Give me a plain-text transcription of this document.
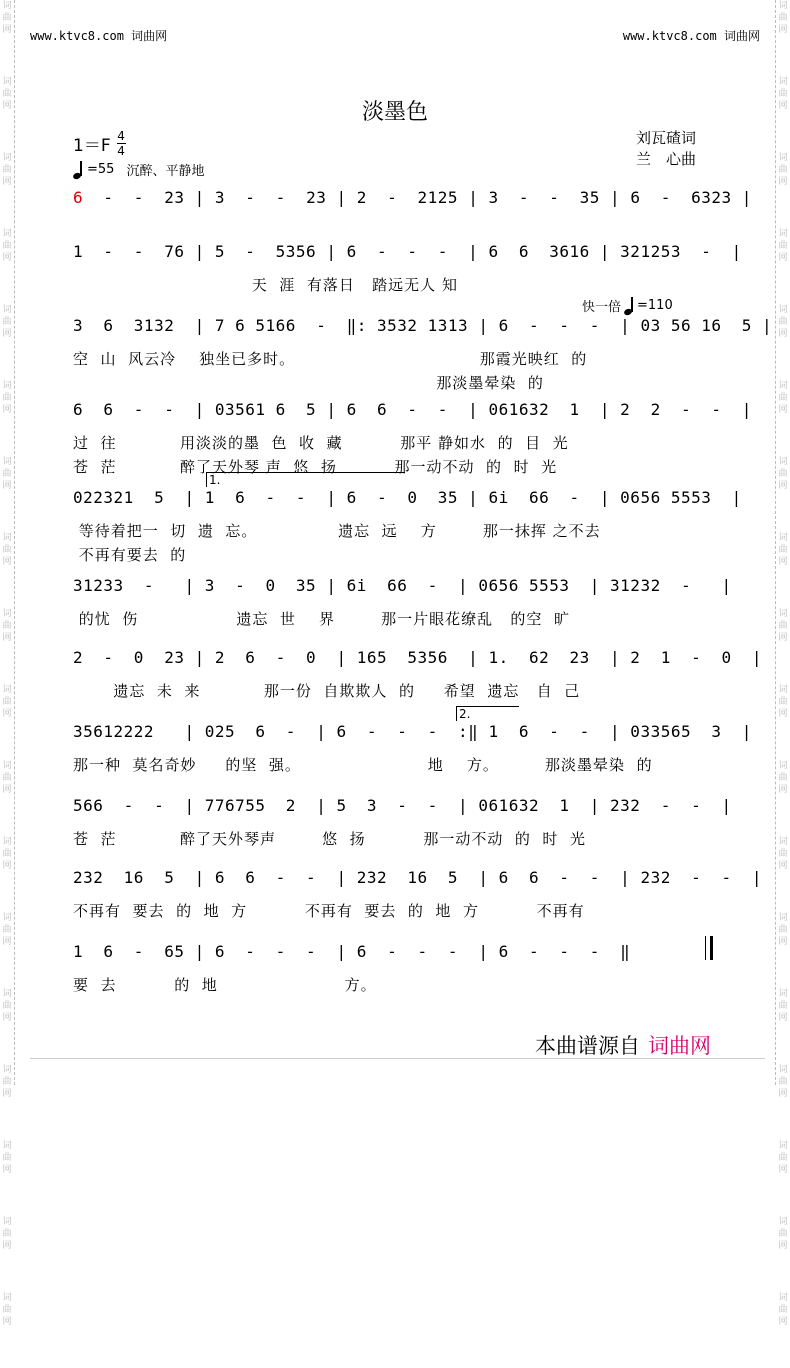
词
曲
网
词
曲
网
词
曲
网
词
曲
网
词
曲
网
词
曲
网
词
曲
网
词
曲
网
词
曲
网
词
曲
网
词
曲
网
词
曲
网
词
曲
网
词
曲
网
词
曲
网
词
曲
网
词
曲
网
词
曲
网
词
曲
网
词
曲
网
词
曲
网
词
曲
网
词
曲
网
词
曲
网
词
曲
网
词
曲
网
词
曲
网
词
曲
网
词
曲
网
词
曲
网
词
曲
网
词
曲
网
词
曲
网
词
曲
网
词
曲
网
词
曲
网
www.ktvc8.com 词曲网	www.ktvc8.com 词曲网
淡墨色
$1=F \frac{4}{4}$
=55 沉醉、平静地
刘瓦碴词
兰　心曲
6  -  -  23 | 3  -  -  23 | 2  -  2125 | 3  -  -  35 | 6  -  6323 |
1  -  -  76 | 5  -  5356 | 6  -  -  -  | 6  6  3616 | 321253  -  |
天  涯  有落日   踏远无人 知
3  6  3132  | 7 6 5166  -  ‖: 3532 1313 | 6  -  -  -  | 03 56 16  5 |
空  山  风云冷    独坐已多时。                                那霞光映红  的
那淡墨晕染  的
快一倍 =110
6  6  -  -  | 03561 6  5 | 6  6  -  -  | 061632  1  | 2  2  -  -  |
过  往           用淡淡的墨  色  收  藏          那平 静如水  的  目  光
苍  茫           醉了天外琴 声  悠  扬          那一动不动  的  时  光
022321  5  | 1  6  -  -  | 6  -  0  35 | 6i  66  -  | 0656 5553  |
1.
等待着把一  切  遗  忘。              遗忘  远    方        那一抹挥 之不去
不再有要去  的
31233  -   | 3  -  0  35 | 6i  66  -  | 0656 5553  | 31232  -   |
的忧  伤                 遗忘  世    界        那一片眼花缭乱   的空  旷
2  -  0  23 | 2  6  -  0  | 165  5356  | 1.  62  23  | 2  1  -  0  |
遗忘  未  来           那一份  自欺欺人  的     希望  遗忘   自  己
35612222   | 025  6  -  | 6  -  -  -  :‖ 1  6  -  -  | 033565  3  |
2.
那一种  莫名奇妙     的坚  强。                      地    方。        那淡墨晕染  的
566  -  -  | 776755  2  | 5  3  -  -  | 061632  1  | 232  -  -  |
苍  茫           醉了天外琴声        悠  扬          那一动不动  的  时  光
232  16  5  | 6  6  -  -  | 232  16  5  | 6  6  -  -  | 232  -  -  |
不再有  要去  的  地  方          不再有  要去  的  地  方          不再有
1  6  -  65 | 6  -  -  -  | 6  -  -  -  | 6  -  -  -  ‖
要  去          的  地                      方。
本曲谱源自 词曲网
